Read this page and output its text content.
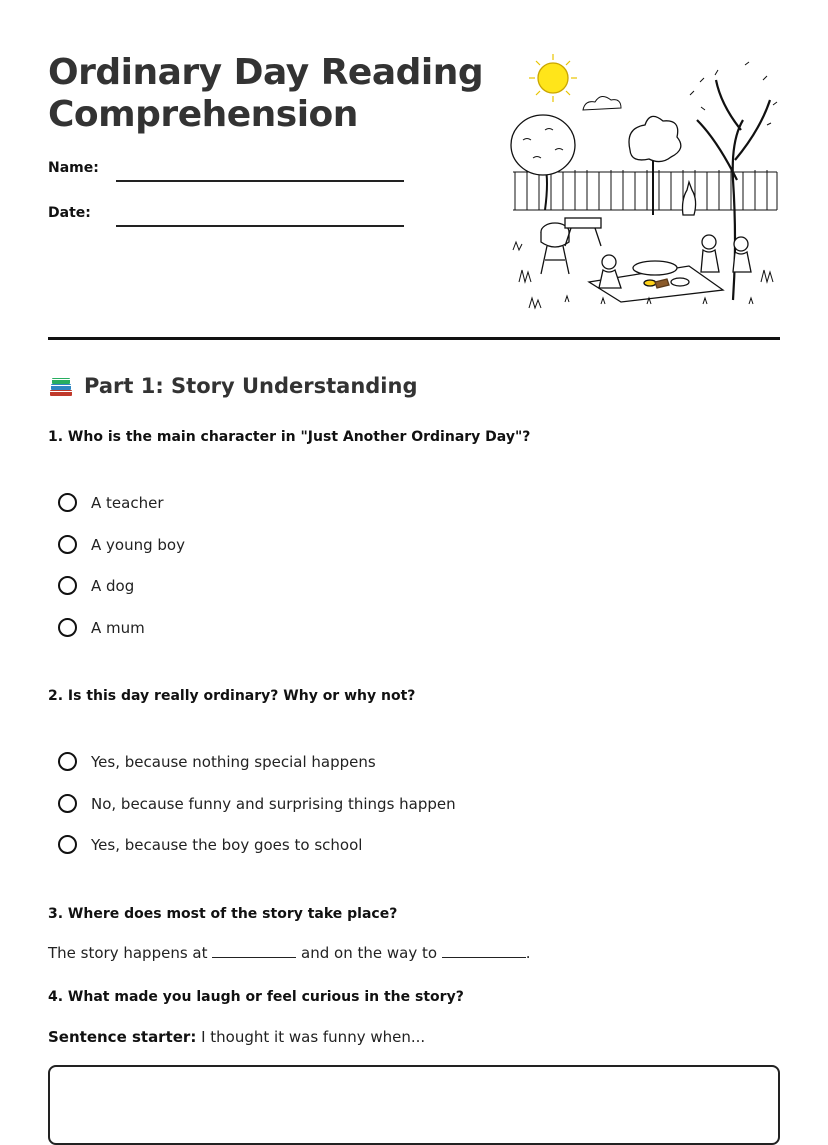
Ordinary Day Reading
Comprehension
Name:
Date:
Part 1: Story Understanding
1. Who is the main character in "Just Another Ordinary Day"?
A teacher
A young boy
A dog
A mum
2. Is this day really ordinary? Why or why not?
Yes, because nothing special happens
No, because funny and surprising things happen
Yes, because the boy goes to school
3. Where does most of the story take place?
The story happens at	and on the way to	.
4. What made you laugh or feel curious in the story?
Sentence starter: I thought it was funny when...
